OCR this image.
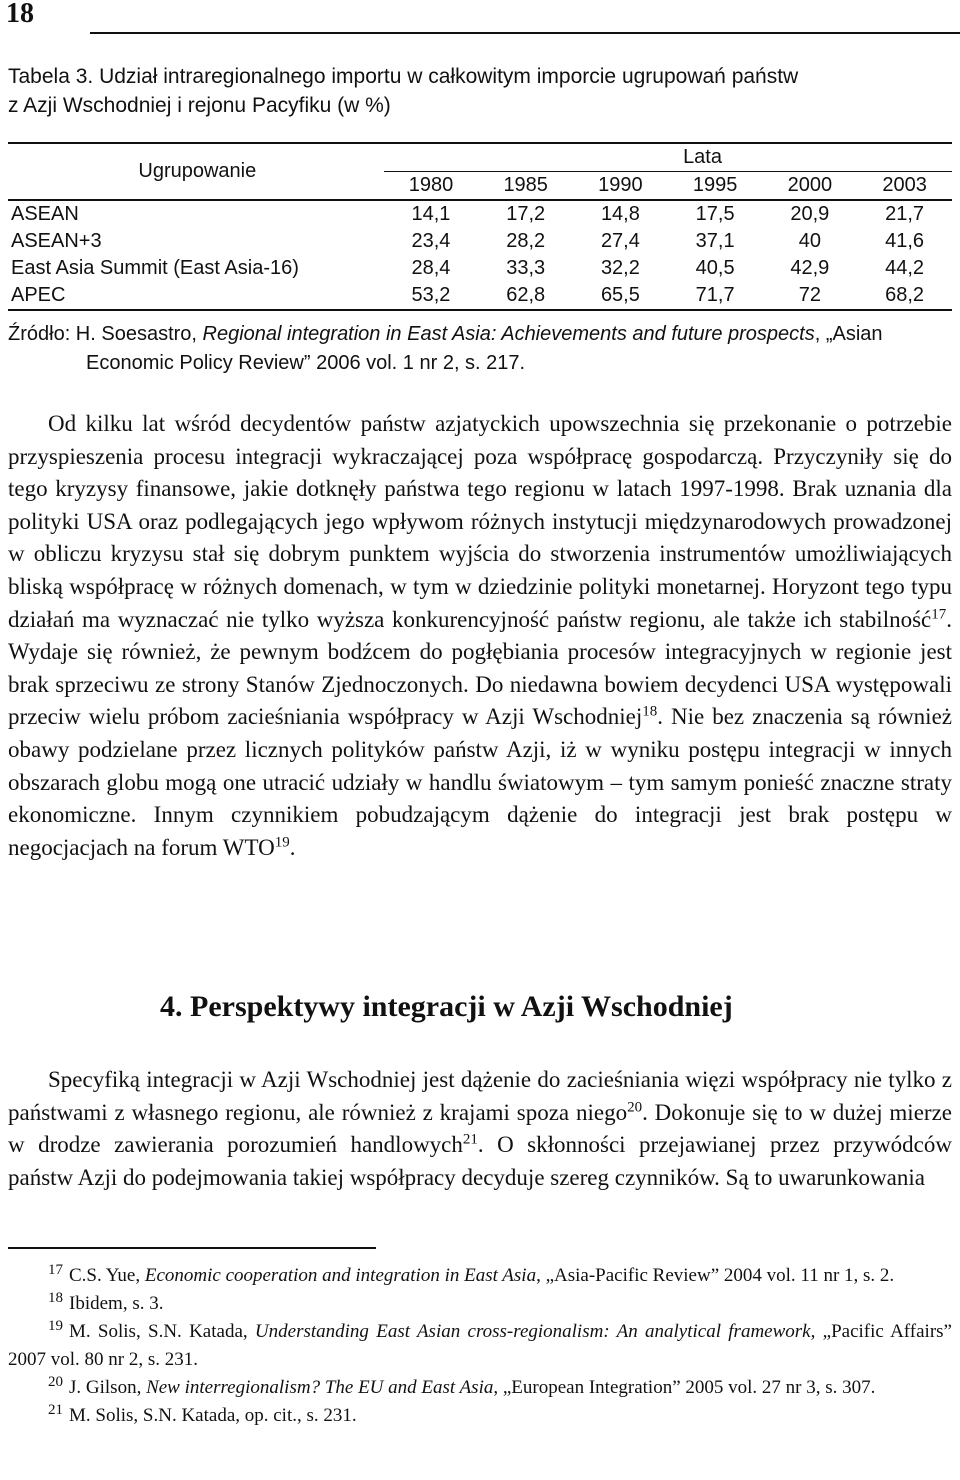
18
Tabela 3. Udział intraregionalnego importu w całkowitym imporcie ugrupowań państw
z Azji Wschodniej i rejonu Pacyfiku (w %)
Ugrupowanie	Lata					
	1980	1985	1990	1995	2000	2003
ASEAN	14,1	17,2	14,8	17,5	20,9	21,7
ASEAN+3	23,4	28,2	27,4	37,1	40	41,6
East Asia Summit (East Asia-16)	28,4	33,3	32,2	40,5	42,9	44,2
APEC	53,2	62,8	65,5	71,7	72	68,2
Źródło: H. Soesastro, Regional integration in East Asia: Achievements and future prospects, „Asian
Economic Policy Review” 2006 vol. 1 nr 2, s. 217.

Od kilku lat wśród decydentów państw azjatyckich upowszechnia się przekonanie o potrzebie przyspieszenia procesu integracji wykraczającej poza współpracę gospodarczą. Przyczyniły się do tego kryzysy finansowe, jakie dotknęły państwa tego regionu w latach 1997-1998. Brak uznania dla polityki USA oraz podlegających jego wpływom różnych instytucji międzynarodowych prowadzonej w obliczu kryzysu stał się dobrym punktem wyjścia do stworzenia instrumentów umożliwiających bliską współpracę w różnych domenach, w tym w dziedzinie polityki monetarnej. Horyzont tego typu działań ma wyznaczać nie tylko wyższa konkurencyjność państw regionu, ale także ich stabilność$^{17}$. Wydaje się również, że pewnym bodźcem do pogłębiania procesów integracyjnych w regionie jest brak sprzeciwu ze strony Stanów Zjednoczonych. Do niedawna bowiem decydenci USA występowali przeciw wielu próbom zacieśniania współpracy w Azji Wschodniej$^{18}$. Nie bez znaczenia są również obawy podzielane przez licznych polityków państw Azji, iż w wyniku postępu integracji w innych obszarach globu mogą one utracić udziały w handlu światowym – tym samym ponieść znaczne straty ekonomiczne. Innym czynnikiem pobudzającym dążenie do integracji jest brak postępu w negocjacjach na forum WTO$^{19}$.

4. Perspektywy integracji w Azji Wschodniej

Specyfiką integracji w Azji Wschodniej jest dążenie do zacieśniania więzi współpracy nie tylko z państwami z własnego regionu, ale również z krajami spoza niego$^{20}$. Dokonuje się to w dużej mierze w drodze zawierania porozumień handlowych$^{21}$. O skłonności przejawianej przez przywódców państw Azji do podejmowania takiej współpracy decyduje szereg czynników. Są to uwarunkowania

$^{17}$ C.S. Yue, Economic cooperation and integration in East Asia, „Asia-Pacific Review” 2004 vol. 11 nr 1, s. 2.
$^{18}$ Ibidem, s. 3.
$^{19}$ M. Solis, S.N. Katada, Understanding East Asian cross-regionalism: An analytical framework, „Pacific Affairs” 2007 vol. 80 nr 2, s. 231.
$^{20}$ J. Gilson, New interregionalism? The EU and East Asia, „European Integration” 2005 vol. 27 nr 3, s. 307.
$^{21}$ M. Solis, S.N. Katada, op. cit., s. 231.
